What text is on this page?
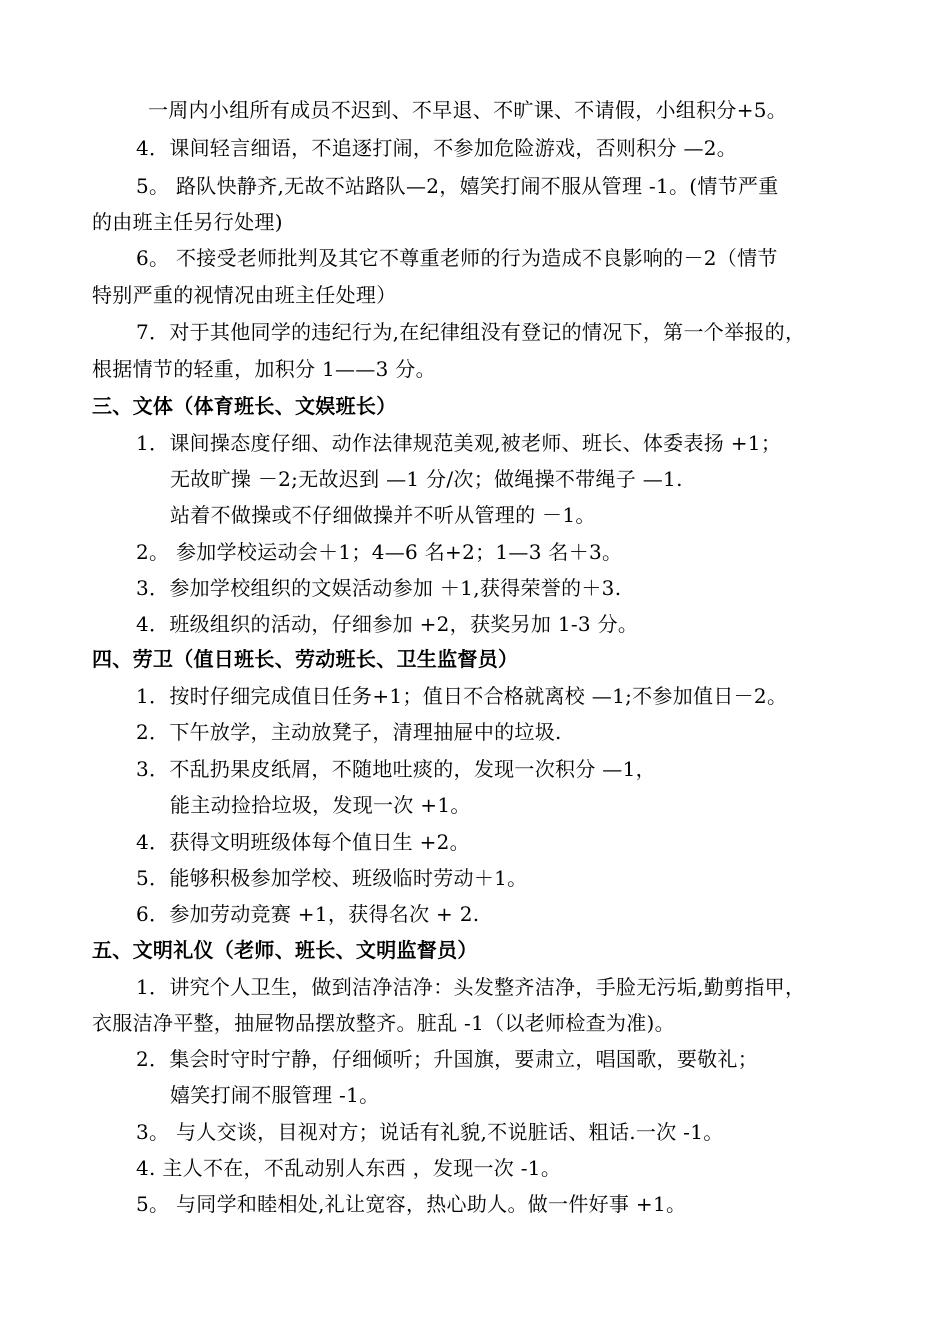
一周内小组所有成员不迟到、不早退、不旷课、不请假，小组积分+5。
4．课间轻言细语，不追逐打闹，不参加危险游戏，否则积分 —2。
5。 路队快静齐,无故不站路队—2，嬉笑打闹不服从管理 -1。(情节严重
的由班主任另行处理)
6。 不接受老师批判及其它不尊重老师的行为造成不良影响的－2（情节
特别严重的视情况由班主任处理）
7．对于其他同学的违纪行为,在纪律组没有登记的情况下，第一个举报的，
根据情节的轻重，加积分 1——3 分。
三、文体（体育班长、文娱班长）
1．课间操态度仔细、动作法律规范美观,被老师、班长、体委表扬 +1；
无故旷操 －2;无故迟到 —1 分/次；做绳操不带绳子 —1.
站着不做操或不仔细做操并不听从管理的 －1。
2。 参加学校运动会＋1；4—6 名+2；1—3 名＋3。
3．参加学校组织的文娱活动参加 ＋1,获得荣誉的＋3.
4．班级组织的活动，仔细参加 +2，获奖另加 1-3 分。
四、劳卫（值日班长、劳动班长、卫生监督员）
1．按时仔细完成值日任务+1；值日不合格就离校 —1;不参加值日－2。
2．下午放学，主动放凳子，清理抽屉中的垃圾.
3．不乱扔果皮纸屑，不随地吐痰的，发现一次积分 —1，
能主动捡拾垃圾，发现一次 +1。
4．获得文明班级体每个值日生 +2。
5．能够积极参加学校、班级临时劳动＋1。
6．参加劳动竞赛 +1，获得名次 + 2.
五、文明礼仪（老师、班长、文明监督员）
1．讲究个人卫生，做到洁净洁净：头发整齐洁净，手脸无污垢,勤剪指甲，
衣服洁净平整，抽屉物品摆放整齐。脏乱 -1（以老师检查为准)。
2．集会时守时宁静，仔细倾听；升国旗，要肃立，唱国歌，要敬礼；
嬉笑打闹不服管理 -1。
3。 与人交谈，目视对方；说话有礼貌,不说脏话、粗话.一次 -1。
4. 主人不在，不乱动别人东西 ，发现一次 -1。
5。 与同学和睦相处,礼让宽容，热心助人。做一件好事 +1。
